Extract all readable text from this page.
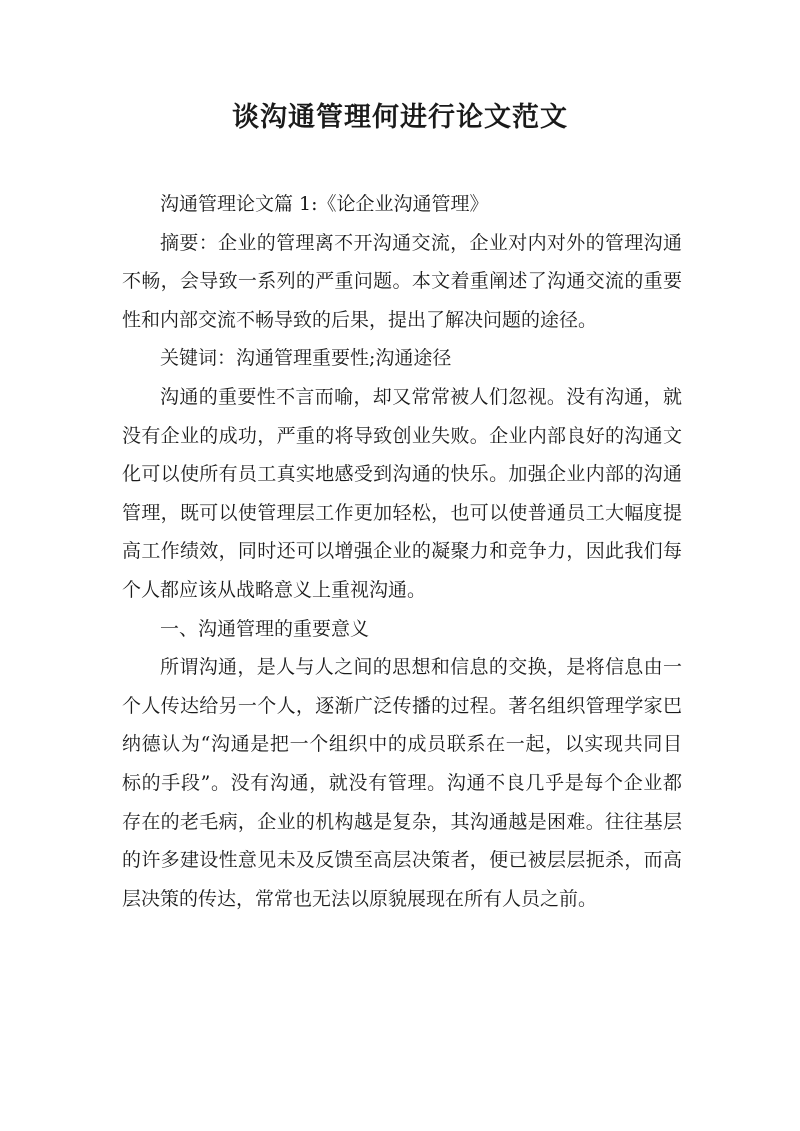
谈沟通管理何进行论文范文

沟通管理论文篇 1:《论企业沟通管理》

摘要：企业的管理离不开沟通交流，企业对内对外的管理沟通不畅，会导致一系列的严重问题。本文着重阐述了沟通交流的重要性和内部交流不畅导致的后果，提出了解决问题的途径。

关键词：沟通管理重要性;沟通途径

沟通的重要性不言而喻，却又常常被人们忽视。没有沟通，就没有企业的成功，严重的将导致创业失败。企业内部良好的沟通文化可以使所有员工真实地感受到沟通的快乐。加强企业内部的沟通管理，既可以使管理层工作更加轻松，也可以使普通员工大幅度提高工作绩效，同时还可以增强企业的凝聚力和竞争力，因此我们每个人都应该从战略意义上重视沟通。

一、沟通管理的重要意义

所谓沟通，是人与人之间的思想和信息的交换，是将信息由一个人传达给另一个人，逐渐广泛传播的过程。著名组织管理学家巴纳德认为“沟通是把一个组织中的成员联系在一起，以实现共同目标的手段”。没有沟通，就没有管理。沟通不良几乎是每个企业都存在的老毛病，企业的机构越是复杂，其沟通越是困难。往往基层的许多建设性意见未及反馈至高层决策者，便已被层层扼杀，而高层决策的传达，常常也无法以原貌展现在所有人员之前。
